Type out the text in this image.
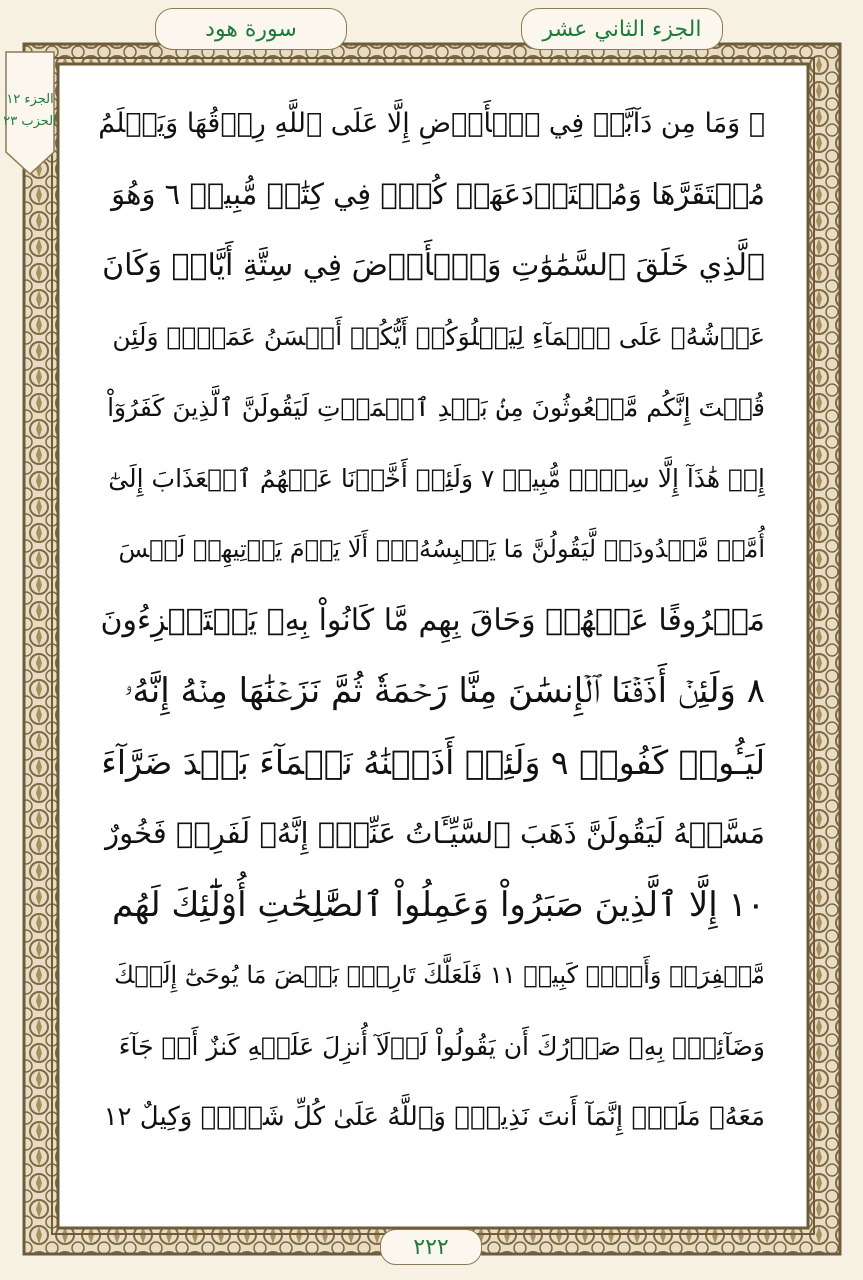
الجزء الثاني عشر
سورة هود
الجزء ١٢
الحزب ٢٣ ۞ وَمَا مِن دَآبَّةٖ فِي ٱلۡأَرۡضِ إِلَّا عَلَى ٱللَّهِ رِزۡقُهَا وَيَعۡلَمُ
مُسۡتَقَرَّهَا وَمُسۡتَوۡدَعَهَاۚ كُلّٞ فِي كِتَٰبٖ مُّبِينٖ ٦ وَهُوَ
ٱلَّذِي خَلَقَ ٱلسَّمَٰوَٰتِ وَٱلۡأَرۡضَ فِي سِتَّةِ أَيَّامٖ وَكَانَ
عَرۡشُهُۥ عَلَى ٱلۡمَآءِ لِيَبۡلُوَكُمۡ أَيُّكُمۡ أَحۡسَنُ عَمَلٗاۗ وَلَئِن
قُلۡتَ إِنَّكُم مَّبۡعُوثُونَ مِنۢ بَعۡدِ ٱلۡمَوۡتِ لَيَقُولَنَّ ٱلَّذِينَ كَفَرُوٓاْ
إِنۡ هَٰذَآ إِلَّا سِحۡرٞ مُّبِينٞ ٧ وَلَئِنۡ أَخَّرۡنَا عَنۡهُمُ ٱلۡعَذَابَ إِلَىٰٓ
أُمَّةٖ مَّعۡدُودَةٖ لَّيَقُولُنَّ مَا يَحۡبِسُهُۥٓۗ أَلَا يَوۡمَ يَأۡتِيهِمۡ لَيۡسَ
مَصۡرُوفًا عَنۡهُمۡ وَحَاقَ بِهِم مَّا كَانُواْ بِهِۦ يَسۡتَهۡزِءُونَ
٨ وَلَئِنۡ أَذَقۡنَا ٱلۡإِنسَٰنَ مِنَّا رَحۡمَةٗ ثُمَّ نَزَعۡنَٰهَا مِنۡهُ إِنَّهُۥ
لَيَـُٔوسٞ كَفُورٞ ٩ وَلَئِنۡ أَذَقۡنَٰهُ نَعۡمَآءَ بَعۡدَ ضَرَّآءَ
مَسَّتۡهُ لَيَقُولَنَّ ذَهَبَ ٱلسَّيِّـَٔاتُ عَنِّيٓۚ إِنَّهُۥ لَفَرِحٞ فَخُورٌ
١٠ إِلَّا ٱلَّذِينَ صَبَرُواْ وَعَمِلُواْ ٱلصَّٰلِحَٰتِ أُوْلَٰٓئِكَ لَهُم
مَّغۡفِرَةٞ وَأَجۡرٞ كَبِيرٞ ١١ فَلَعَلَّكَ تَارِكُۢ بَعۡضَ مَا يُوحَىٰٓ إِلَيۡكَ
وَضَآئِقُۢ بِهِۦ صَدۡرُكَ أَن يَقُولُواْ لَوۡلَآ أُنزِلَ عَلَيۡهِ كَنزٌ أَوۡ جَآءَ
مَعَهُۥ مَلَكٌۚ إِنَّمَآ أَنتَ نَذِيرٞۚ وَٱللَّهُ عَلَىٰ كُلِّ شَيۡءٖ وَكِيلٌ ١٢
٢٢٢
